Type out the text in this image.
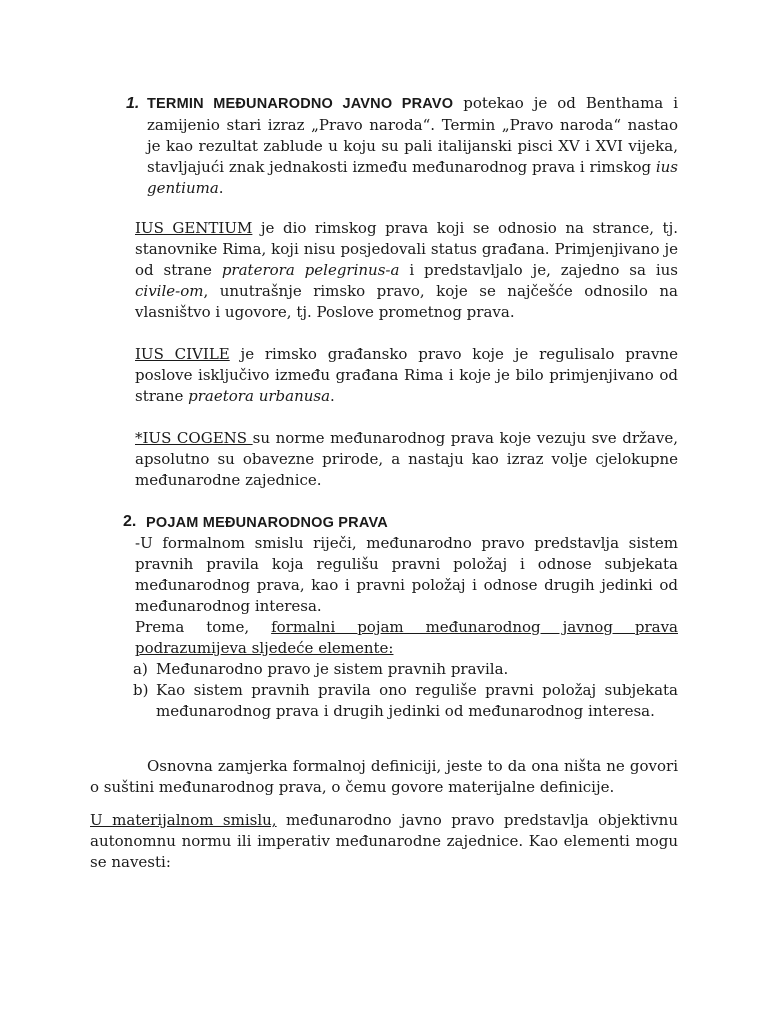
1. TERMIN MEĐUNARODNO JAVNO PRAVO potekao je od Benthama i zamijenio stari izraz „Pravo naroda“. Termin „Pravo naroda“ nastao je kao rezultat zablude u koju su pali italijanski pisci XV i XVI vijeka, stavljajući znak jednakosti između međunarodnog prava i rimskog ius gentiuma.

IUS GENTIUM je dio rimskog prava koji se odnosio na strance, tj. stanovnike Rima, koji nisu posjedovali status građana. Primjenjivano je od strane praterora pelegrinus-a i predstavljalo je, zajedno sa ius civile-om, unutrašnje rimsko pravo, koje se najčešće odnosilo na vlasništvo i ugovore, tj. Poslove prometnog prava.

IUS CIVILE je rimsko građansko pravo koje je regulisalo pravne poslove isključivo između građana Rima i koje je bilo primjenjivano od strane praetora urbanusa.

*IUS COGENS su norme međunarodnog prava koje vezuju sve države, apsolutno su obavezne prirode, a nastaju kao izraz volje cjelokupne međunarodne zajednice.

2. POJAM MEĐUNARODNOG PRAVA

-U formalnom smislu riječi, međunarodno pravo predstavlja sistem pravnih pravila koja regulišu pravni položaj i odnose subjekata međunarodnog prava, kao i pravni položaj i odnose drugih jedinki od međunarodnog interesa.

Prema tome, formalni pojam međunarodnog javnog prava podrazumijeva sljedeće elemente:

a) Međunarodno pravo je sistem pravnih pravila.
b) Kao sistem pravnih pravila ono reguliše pravni položaj subjekata međunarodnog prava i drugih jedinki od međunarodnog interesa.

Osnovna zamjerka formalnoj definiciji, jeste to da ona ništa ne govori o suštini međunarodnog prava, o čemu govore materijalne definicije.

U materijalnom smislu, međunarodno javno pravo predstavlja objektivnu autonomnu normu ili imperativ međunarodne zajednice. Kao elementi mogu se navesti:
